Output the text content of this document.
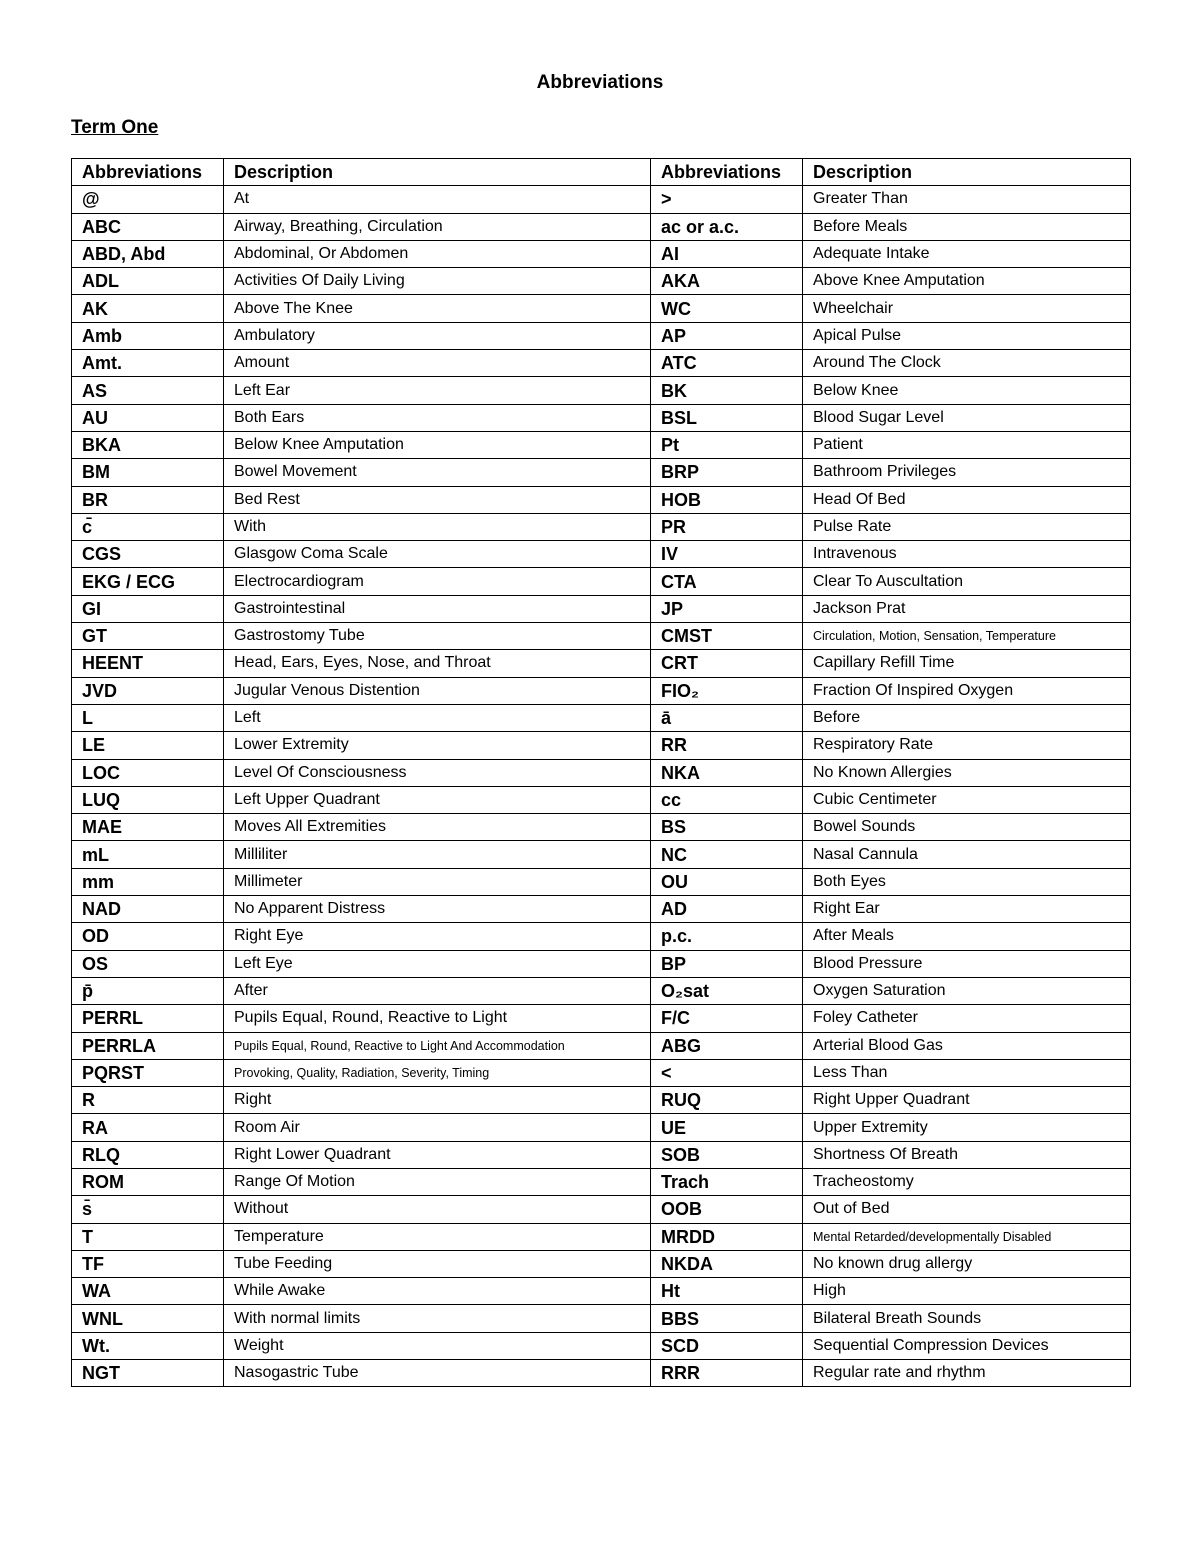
Abbreviations
Term One
Abbreviations	Description	Abbreviations	Description
@	At	>	Greater Than
ABC	Airway, Breathing, Circulation	ac or a.c.	Before Meals
ABD, Abd	Abdominal, Or Abdomen	AI	Adequate Intake
ADL	Activities Of Daily Living	AKA	Above Knee Amputation
AK	Above The Knee	WC	Wheelchair
Amb	Ambulatory	AP	Apical Pulse
Amt.	Amount	ATC	Around The Clock
AS	Left Ear	BK	Below Knee
AU	Both Ears	BSL	Blood Sugar Level
BKA	Below Knee Amputation	Pt	Patient
BM	Bowel Movement	BRP	Bathroom Privileges
BR	Bed Rest	HOB	Head Of Bed
c̄	With	PR	Pulse Rate
CGS	Glasgow Coma Scale	IV	Intravenous
EKG / ECG	Electrocardiogram	CTA	Clear To Auscultation
GI	Gastrointestinal	JP	Jackson Prat
GT	Gastrostomy Tube	CMST	Circulation, Motion, Sensation, Temperature
HEENT	Head, Ears, Eyes, Nose, and Throat	CRT	Capillary Refill Time
JVD	Jugular Venous Distention	FIO₂	Fraction Of Inspired Oxygen
L	Left	ā	Before
LE	Lower Extremity	RR	Respiratory Rate
LOC	Level Of Consciousness	NKA	No Known Allergies
LUQ	Left Upper Quadrant	cc	Cubic Centimeter
MAE	Moves All Extremities	BS	Bowel Sounds
mL	Milliliter	NC	Nasal Cannula
mm	Millimeter	OU	Both Eyes
NAD	No Apparent Distress	AD	Right Ear
OD	Right Eye	p.c.	After Meals
OS	Left Eye	BP	Blood Pressure
p̄	After	O₂sat	Oxygen Saturation
PERRL	Pupils Equal, Round, Reactive to Light	F/C	Foley Catheter
PERRLA	Pupils Equal, Round, Reactive to Light And Accommodation	ABG	Arterial Blood Gas
PQRST	Provoking, Quality, Radiation, Severity, Timing	<	Less Than
R	Right	RUQ	Right Upper Quadrant
RA	Room Air	UE	Upper Extremity
RLQ	Right Lower Quadrant	SOB	Shortness Of Breath
ROM	Range Of Motion	Trach	Tracheostomy
s̄	Without	OOB	Out of Bed
T	Temperature	MRDD	Mental Retarded/developmentally Disabled
TF	Tube Feeding	NKDA	No known drug allergy
WA	While Awake	Ht	High
WNL	With normal limits	BBS	Bilateral Breath Sounds
Wt.	Weight	SCD	Sequential Compression Devices
NGT	Nasogastric Tube	RRR	Regular rate and rhythm
